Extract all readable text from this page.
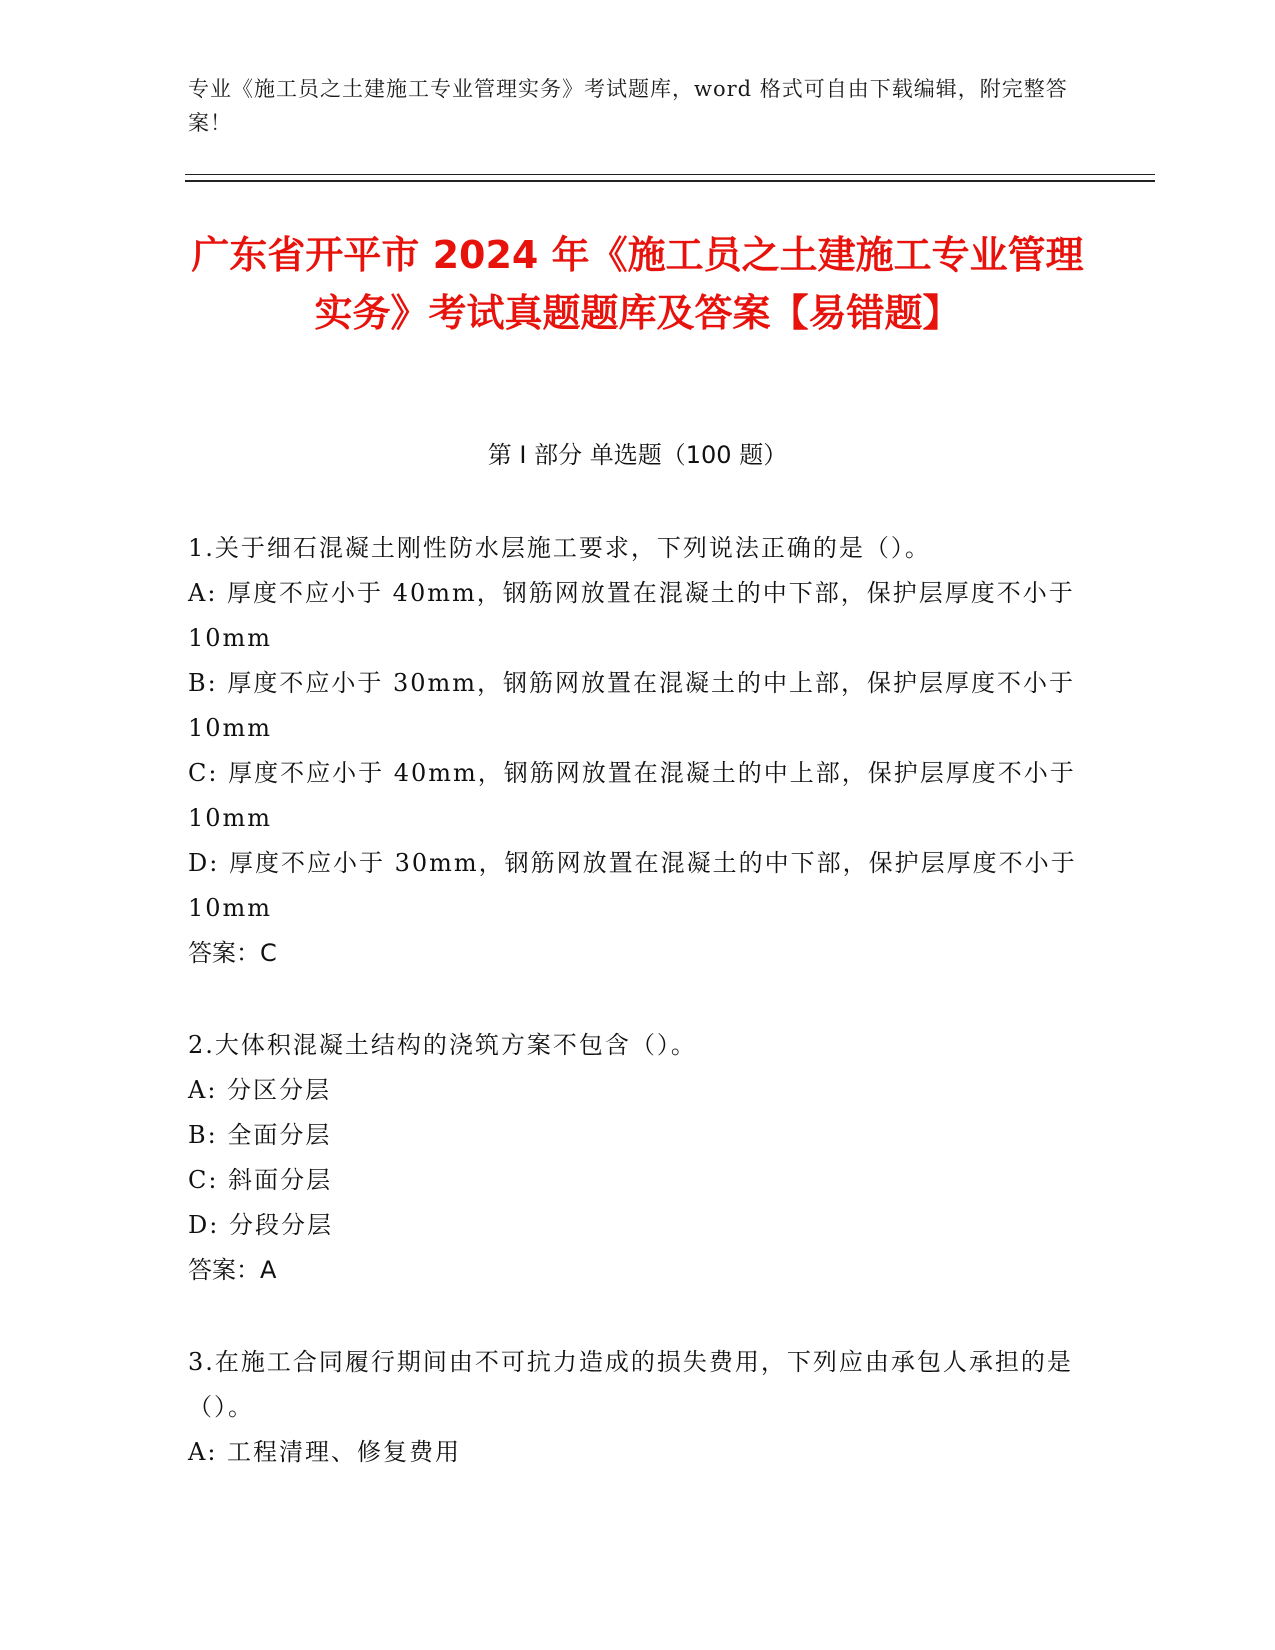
专业《施工员之土建施工专业管理实务》考试题库，word 格式可自由下载编辑，附完整答案！
广东省开平市 2024 年《施工员之土建施工专业管理实务》考试真题题库及答案【易错题】
第 I 部分 单选题（100 题）
1.关于细石混凝土刚性防水层施工要求，下列说法正确的是（）。
A: 厚度不应小于 40mm，钢筋网放置在混凝土的中下部，保护层厚度不小于 10mm
B: 厚度不应小于 30mm，钢筋网放置在混凝土的中上部，保护层厚度不小于 10mm
C: 厚度不应小于 40mm，钢筋网放置在混凝土的中上部，保护层厚度不小于 10mm
D: 厚度不应小于 30mm，钢筋网放置在混凝土的中下部，保护层厚度不小于 10mm
答案：C
2.大体积混凝土结构的浇筑方案不包含（）。
A: 分区分层
B: 全面分层
C: 斜面分层
D: 分段分层
答案：A
3.在施工合同履行期间由不可抗力造成的损失费用，下列应由承包人承担的是（）。
A: 工程清理、修复费用
